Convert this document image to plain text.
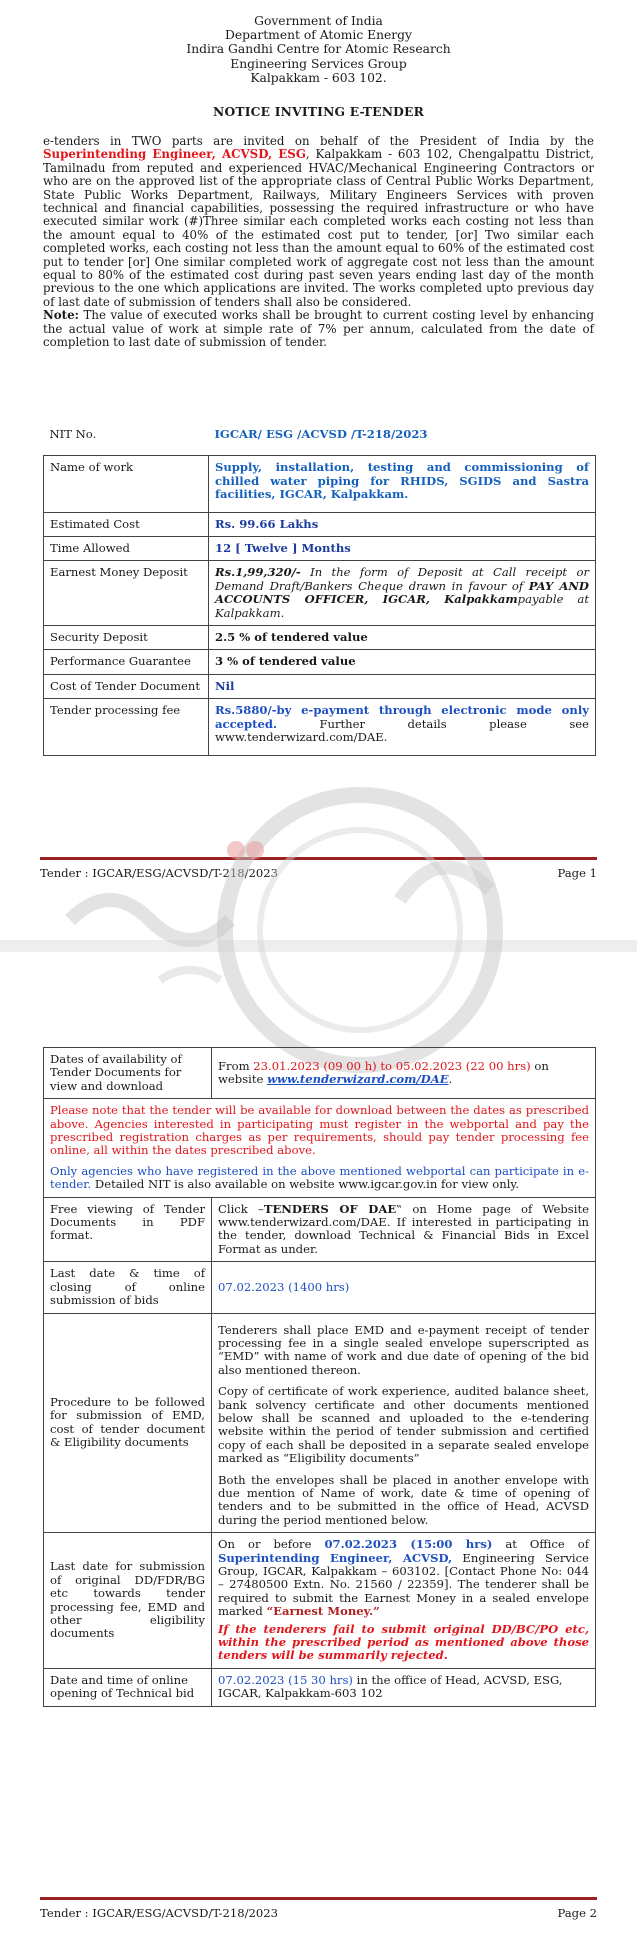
Government of India
Department of Atomic Energy
Indira Gandhi Centre for Atomic Research
Engineering Services Group
Kalpakkam - 603 102.
NOTICE INVITING E-TENDER
e-tenders in TWO parts are invited on behalf of the President of India by the Superintending Engineer, ACVSD, ESG, Kalpakkam - 603 102, Chengalpattu District, Tamilnadu from reputed and experienced HVAC/Mechanical Engineering Contractors or who are on the approved list of the appropriate class of Central Public Works Department, State Public Works Department, Railways, Military Engineers Services with proven technical and financial capabilities, possessing the required infrastructure or who have executed similar work (#)Three similar each completed works each costing not less than the amount equal to 40% of the estimated cost put to tender, [or] Two similar each completed works, each costing not less than the amount equal to 60% of the estimated cost put to tender [or] One similar completed work of aggregate cost not less than the amount equal to 80% of the estimated cost during past seven years ending last day of the month previous to the one which applications are invited. The works completed upto previous day of last date of submission of tenders shall also be considered.
Note: The value of executed works shall be brought to current costing level by enhancing the actual value of work at simple rate of 7% per annum, calculated from the date of completion to last date of submission of tender.
NIT No.	IGCAR/ ESG /ACVSD /T-218/2023
Name of work	Supply, installation, testing and commissioning of chilled water piping for RHIDS, SGIDS and Sastra facilities, IGCAR, Kalpakkam.
Estimated Cost	Rs. 99.66 Lakhs
Time Allowed	12 [ Twelve ] Months
Earnest Money Deposit	Rs.1,99,320/- In the form of Deposit at Call receipt or Demand Draft/Bankers Cheque drawn in favour of PAY AND ACCOUNTS OFFICER, IGCAR, Kalpakkampayable at Kalpakkam.
Security Deposit	2.5 % of tendered value
Performance Guarantee	3 % of tendered value
Cost of Tender Document	Nil
Tender processing fee	Rs.5880/-by e-payment through electronic mode only accepted. Further details please see www.tenderwizard.com/DAE.
Tender : IGCAR/ESG/ACVSD/T-218/2023	Page 1
Dates of availability of Tender Documents for view and download	From 23.01.2023 (09 00 h) to 05.02.2023 (22 00 hrs) on website www.tenderwizard.com/DAE.

Please note that the tender will be available for download between the dates as prescribed above. Agencies interested in participating must register in the webportal and pay the prescribed registration charges as per requirements, should pay tender processing fee online, all within the dates prescribed above.
Only agencies who have registered in the above mentioned webportal can participate in e-tender. Detailed NIT is also available on website www.igcar.gov.in for view only.	

Free viewing of Tender Documents in PDF format.	Click –TENDERS OF DAE‟ on Home page of Website www.tenderwizard.com/DAE. If interested in participating in the tender, download Technical & Financial Bids in Excel Format as under.
Last date & time of closing of online submission of bids	07.02.2023 (1400 hrs)
Procedure to be followed for submission of EMD, cost of tender document & Eligibility documents	Tenderers shall place EMD and e-payment receipt of tender processing fee in a single sealed envelope superscripted as “EMD” with name of work and due date of opening of the bid also mentioned thereon.

Copy of certificate of work experience, audited balance sheet, bank solvency certificate and other documents mentioned below shall be scanned and uploaded to the e-tendering website within the period of tender submission and certified copy of each shall be deposited in a separate sealed envelope marked as “Eligibility documents”

Both the envelopes shall be placed in another envelope with due mention of Name of work, date & time of opening of tenders and to be submitted in the office of Head, ACVSD during the period mentioned below.

Last date for submission of original DD/FDR/BG etc towards tender processing fee, EMD and other eligibility documents	On or before 07.02.2023 (15:00 hrs) at Office of Superintending Engineer, ACVSD, Engineering Service Group, IGCAR, Kalpakkam – 603102. [Contact Phone No: 044 – 27480500 Extn. No. 21560 / 22359]. The tenderer shall be required to submit the Earnest Money in a sealed envelope marked “Earnest Money.”

If the tenderers fail to submit original DD/BC/PO etc, within the prescribed period as mentioned above those tenders will be summarily rejected.

Date and time of online opening of Technical bid	07.02.2023 (15 30 hrs) in the office of Head, ACVSD, ESG, IGCAR, Kalpakkam-603 102
Tender : IGCAR/ESG/ACVSD/T-218/2023	Page 2
